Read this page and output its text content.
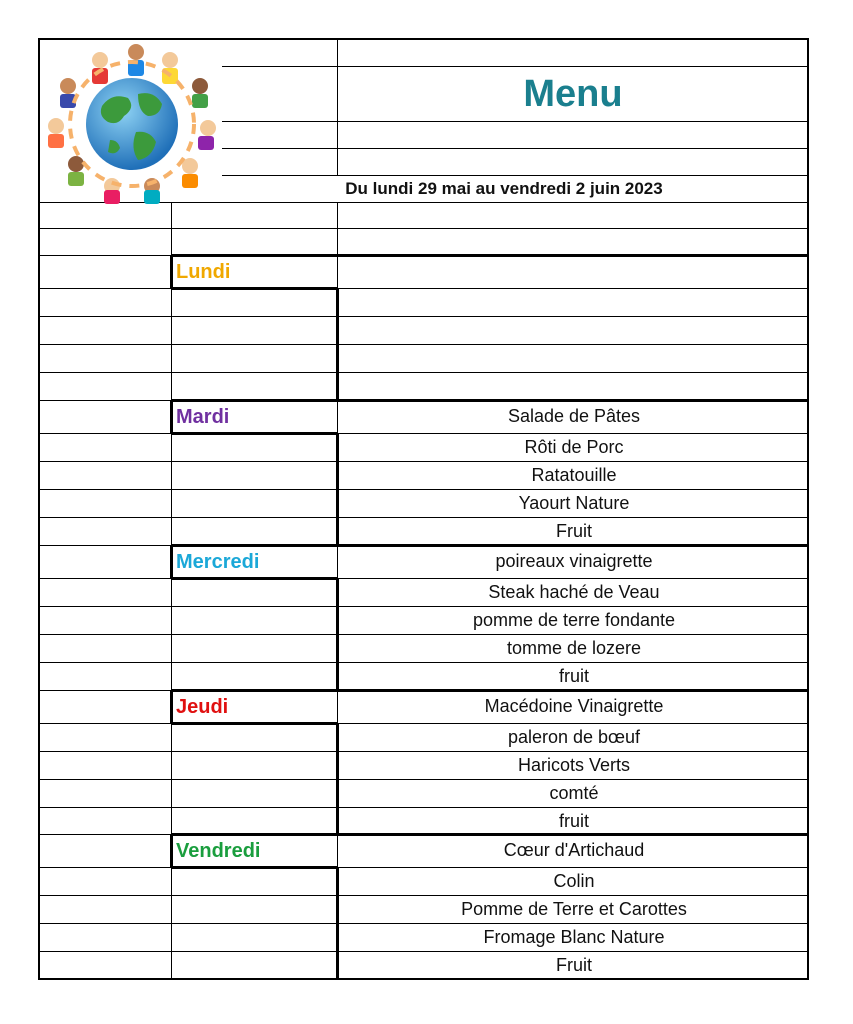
Menu
Du lundi 29 mai au vendredi 2 juin 2023
Lundi
Mardi	Salade de Pâtes
Rôti de Porc
Ratatouille
Yaourt Nature
Fruit
Mercredi	poireaux vinaigrette
Steak haché de Veau
pomme de terre fondante
tomme de lozere
fruit
Jeudi	Macédoine Vinaigrette
paleron de bœuf
Haricots Verts
comté
fruit
Vendredi	Cœur d'Artichaud
Colin
Pomme de Terre et Carottes
Fromage Blanc Nature
Fruit
